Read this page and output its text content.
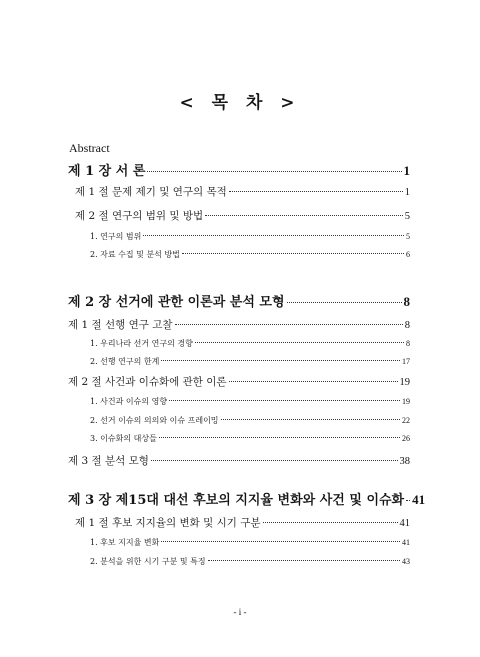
< 목 차 >
Abstract
제 1 장 서 론	1
제 1 절 문제 제기 및 연구의 목적	1
제 2 절 연구의 범위 및 방법	5
1. 연구의 범위	5
2. 자료 수집 및 분석 방법	6
제 2 장 선거에 관한 이론과 분석 모형	8
제 1 절 선행 연구 고찰	8
1. 우리나라 선거 연구의 경향	8
2. 선행 연구의 한계	17
제 2 절 사건과 이슈화에 관한 이론	19
1. 사건과 이슈의 영향	19
2. 선거 이슈의 의의와 이슈 프레이밍	22
3. 이슈화의 대상들	26
제 3 절 분석 모형	38
제 3 장 제15대 대선 후보의 지지율 변화와 사건 및 이슈화 41
제 1 절 후보 지지율의 변화 및 시기 구분	41
1. 후보 지지율 변화	41
2. 분석을 위한 시기 구분 및 특징	43
- i -
